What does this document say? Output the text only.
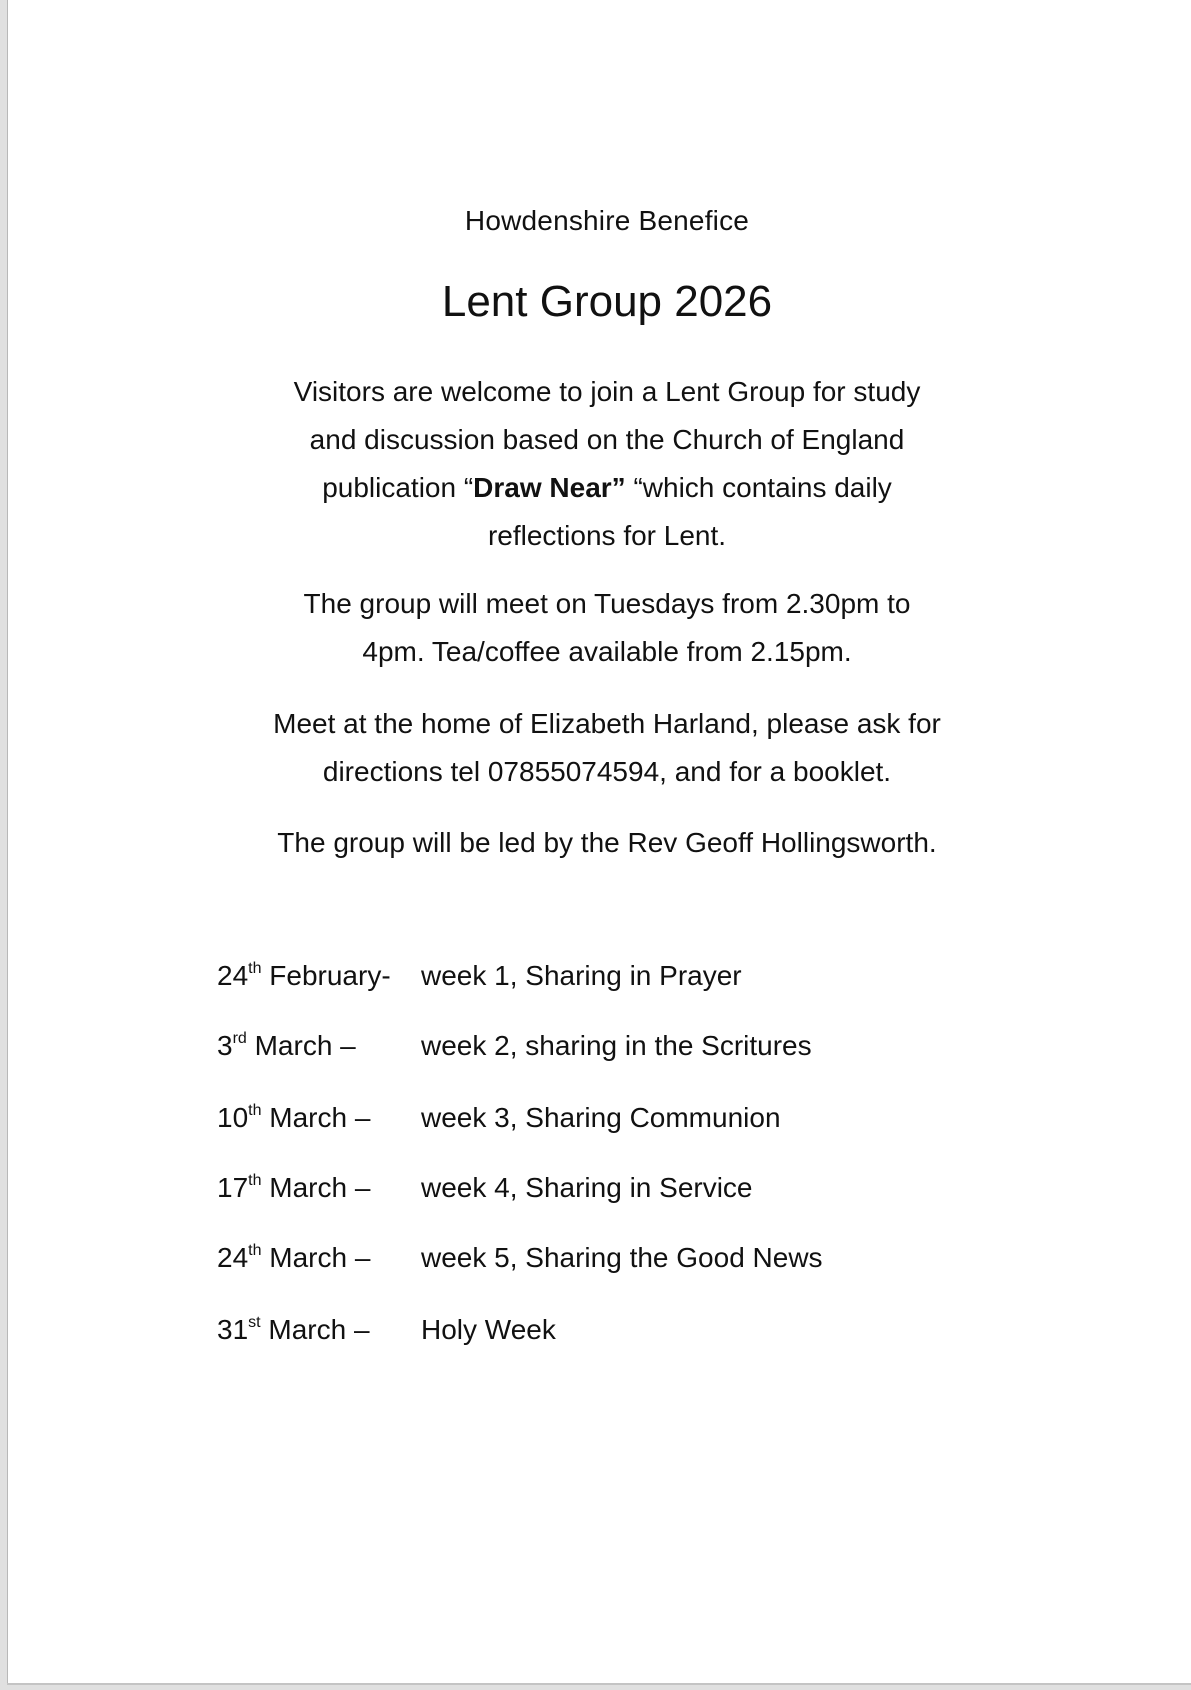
Howdenshire Benefice
Lent Group 2026
Visitors are welcome to join a Lent Group for study
and discussion based on the Church of England
publication “Draw Near” “which contains daily
reflections for Lent.
The group will meet on Tuesdays from 2.30pm to
4pm. Tea/coffee available from 2.15pm.
Meet at the home of Elizabeth Harland, please ask for
directions tel 07855074594, and for a booklet.
The group will be led by the Rev Geoff Hollingsworth.
24th February- week 1, Sharing in Prayer
3rd March – week 2, sharing in the Scritures
10th March – week 3, Sharing Communion
17th March – week 4, Sharing in Service
24th March – week 5, Sharing the Good News
31st March – Holy Week
